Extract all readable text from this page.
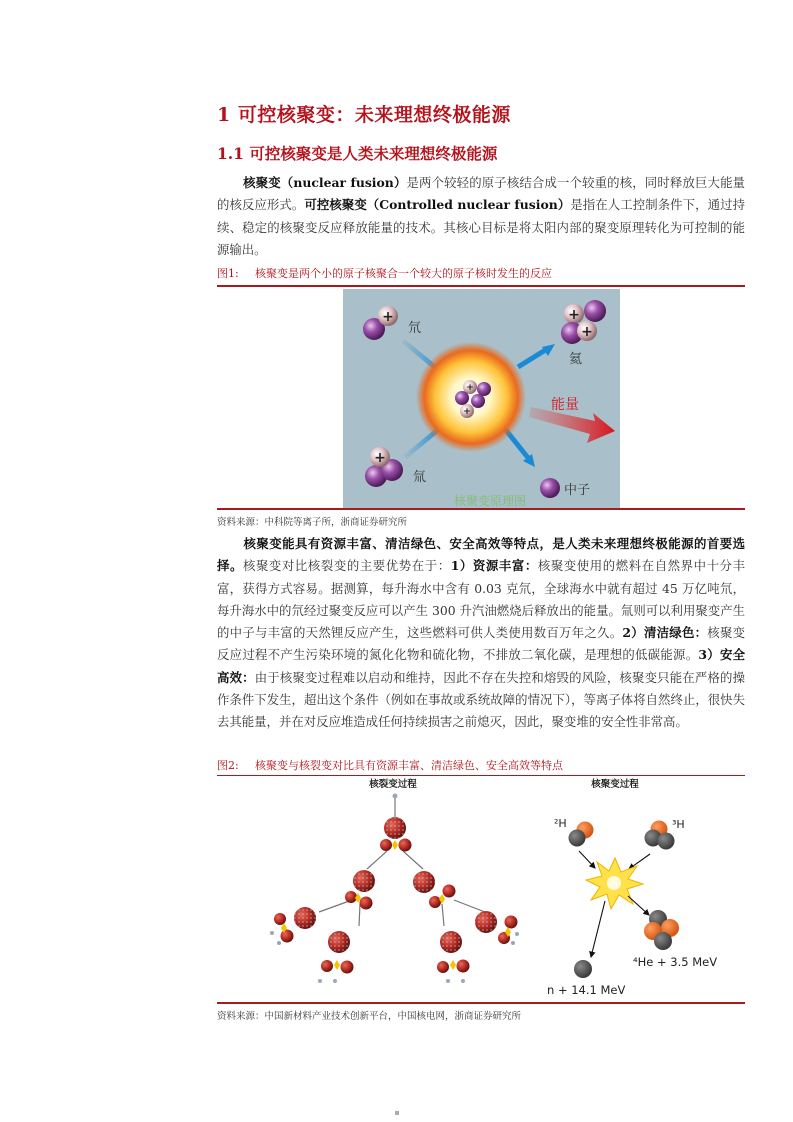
1 可控核聚变：未来理想终极能源
1.1 可控核聚变是人类未来理想终极能源
核聚变（nuclear fusion）是两个较轻的原子核结合成一个较重的核，同时释放巨大能量的核反应形式。可控核聚变（Controlled nuclear fusion）是指在人工控制条件下，通过持续、稳定的核聚变反应释放能量的技术。其核心目标是将太阳内部的聚变原理转化为可控制的能源输出。
图1: 核聚变是两个小的原子核聚合一个较大的原子核时发生的反应
+
+
+
氘
+
氚
+
+
氦
能量
中子
核聚变原理图
资料来源：中科院等离子所，浙商证券研究所
核聚变能具有资源丰富、清洁绿色、安全高效等特点，是人类未来理想终极能源的首要选择。核聚变对比核裂变的主要优势在于：1）资源丰富：核聚变使用的燃料在自然界中十分丰富，获得方式容易。据测算，每升海水中含有 0.03 克氘，全球海水中就有超过 45 万亿吨氘，每升海水中的氘经过聚变反应可以产生 300 升汽油燃烧后释放出的能量。氚则可以利用聚变产生的中子与丰富的天然锂反应产生，这些燃料可供人类使用数百万年之久。2）清洁绿色：核聚变反应过程不产生污染环境的氮化化物和硫化物，不排放二氧化碳，是理想的低碳能源。3）安全高效：由于核聚变过程难以启动和维持，因此不存在失控和熔毁的风险，核聚变只能在严格的操作条件下发生，超出这个条件（例如在事故或系统故障的情况下），等离子体将自然终止，很快失去其能量，并在对反应堆造成任何持续损害之前熄灭，因此，聚变堆的安全性非常高。
图2: 核聚变与核裂变对比具有资源丰富、清洁绿色、安全高效等特点
核裂变过程	核聚变过程
²H	³H
⁴He + 3.5 MeV
n + 14.1 MeV
资料来源：中国新材料产业技术创新平台，中国核电网，浙商证券研究所
